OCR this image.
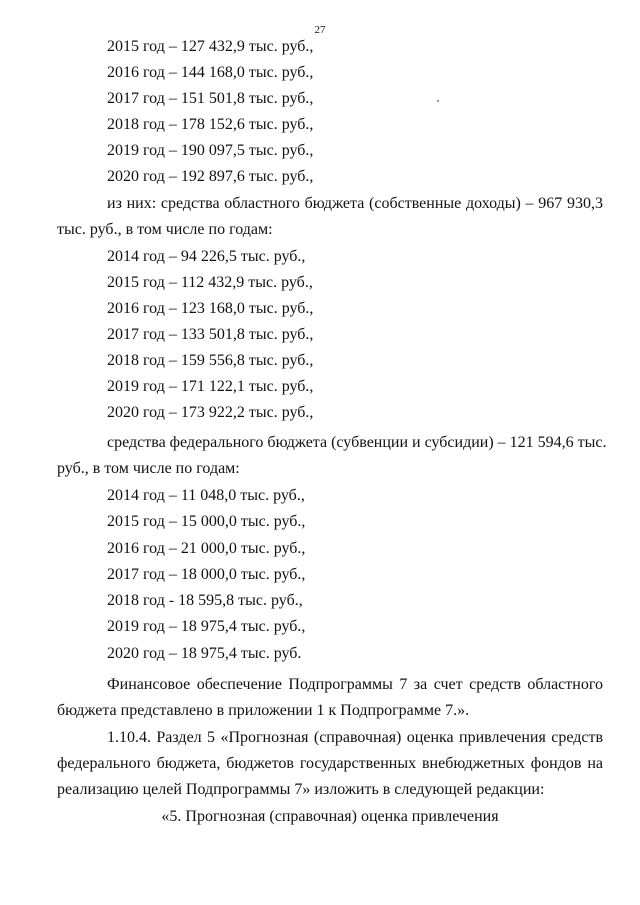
27
2015 год – 127 432,9 тыс. руб.,
2016 год – 144 168,0 тыс. руб.,
2017 год – 151 501,8 тыс. руб.,
2018 год – 178 152,6 тыс. руб.,
2019 год – 190 097,5 тыс. руб.,
2020 год – 192 897,6 тыс. руб.,
из них: средства областного бюджета (собственные доходы) – 967 930,3
тыс. руб., в том числе по годам:
2014 год – 94 226,5 тыс. руб.,
2015 год – 112 432,9 тыс. руб.,
2016 год – 123 168,0 тыс. руб.,
2017 год – 133 501,8 тыс. руб.,
2018 год – 159 556,8 тыс. руб.,
2019 год – 171 122,1 тыс. руб.,
2020 год – 173 922,2 тыс. руб.,
средства федерального бюджета (субвенции и субсидии) – 121 594,6 тыс.
руб., в том числе по годам:
2014 год – 11 048,0 тыс. руб.,
2015 год – 15 000,0 тыс. руб.,
2016 год – 21 000,0 тыс. руб.,
2017 год – 18 000,0 тыс. руб.,
2018 год - 18 595,8 тыс. руб.,
2019 год – 18 975,4 тыс. руб.,
2020 год – 18 975,4 тыс. руб.
Финансовое обеспечение Подпрограммы 7 за счет средств областного
бюджета представлено в приложении 1 к Подпрограмме 7.».
1.10.4. Раздел 5 «Прогнозная (справочная) оценка привлечения средств
федерального бюджета, бюджетов государственных внебюджетных фондов на
реализацию целей Подпрограммы 7» изложить в следующей редакции:
«5. Прогнозная (справочная) оценка привлечения
